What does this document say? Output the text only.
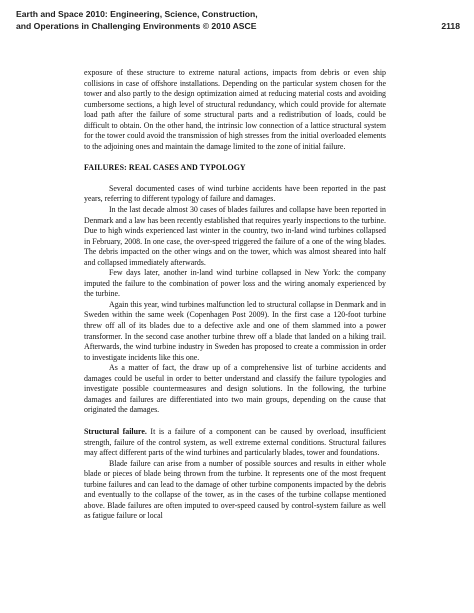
Earth and Space 2010: Engineering, Science, Construction,
and Operations in Challenging Environments © 2010 ASCE	2118

exposure of these structure to extreme natural actions, impacts from debris or even ship collisions in case of offshore installations. Depending on the particular system chosen for the tower and also partly to the design optimization aimed at reducing material costs and avoiding cumbersome sections, a high level of structural redundancy, which could provide for alternate load path after the failure of some structural parts and a redistribution of loads, could be difficult to obtain. On the other hand, the intrinsic low connection of a lattice structural system for the tower could avoid the transmission of high stresses from the initial overloaded elements to the adjoining ones and maintain the damage limited to the zone of initial failure.

FAILURES: REAL CASES AND TYPOLOGY

Several documented cases of wind turbine accidents have been reported in the past years, referring to different typology of failure and damages.

In the last decade almost 30 cases of blades failures and collapse have been reported in Denmark and a law has been recently established that requires yearly inspections to the turbine. Due to high winds experienced last winter in the country, two in-land wind turbines collapsed in February, 2008. In one case, the over-speed triggered the failure of a one of the wing blades. The debris impacted on the other wings and on the tower, which was almost sheared into half and collapsed immediately afterwards.

Few days later, another in-land wind turbine collapsed in New York: the company imputed the failure to the combination of power loss and the wiring anomaly experienced by the turbine.

Again this year, wind turbines malfunction led to structural collapse in Denmark and in Sweden within the same week (Copenhagen Post 2009). In the first case a 120-foot turbine threw off all of its blades due to a defective axle and one of them slammed into a power transformer. In the second case another turbine threw off a blade that landed on a hiking trail. Afterwards, the wind turbine industry in Sweden has proposed to create a commission in order to investigate incidents like this one.

As a matter of fact, the draw up of a comprehensive list of turbine accidents and damages could be useful in order to better understand and classify the failure typologies and investigate possible countermeasures and design solutions. In the following, the turbine damages and failures are differentiated into two main groups, depending on the cause that originated the damages.

Structural failure. It is a failure of a component can be caused by overload, insufficient strength, failure of the control system, as well extreme external conditions. Structural failures may affect different parts of the wind turbines and particularly blades, tower and foundations.

Blade failure can arise from a number of possible sources and results in either whole blade or pieces of blade being thrown from the turbine. It represents one of the most frequent turbine failures and can lead to the damage of other turbine components impacted by the debris and eventually to the collapse of the tower, as in the cases of the turbine collapse mentioned above. Blade failures are often imputed to over-speed caused by control-system failure as well as fatigue failure or local
